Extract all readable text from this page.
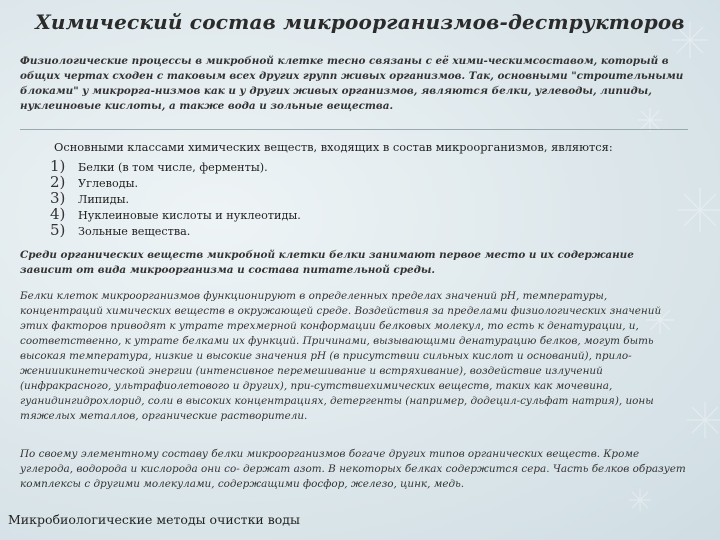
Химический состав микроорганизмов-деструкторов
Физиологические процессы в микробной клетке тесно связаны с её хими-ческимсоставом, который в общих чертах сходен с таковым всех других групп живых организмов. Так, основными "строительными блоками" у микрорга-низмов как и у других живых организмов, являются белки, углеводы, липиды, нуклеиновые кислоты, а также вода и зольные вещества.
Основными классами химических веществ, входящих в состав микроорганизмов, являются:
1)	Белки (в том числе, ферменты).
2)	Углеводы.
3)	Липиды.
4)	Нуклеиновые кислоты и нуклеотиды.
5)	Зольные вещества.
Среди органических веществ микробной клетки белки занимают первое место и их содержание зависит от вида микроорганизма и состава питательной среды.
Белки клеток микроорганизмов функционируют в определенных пределах значений рН, температуры, концентраций химических веществ в окружающей среде. Воздействия за пределами физиологических значений этих факторов приводят к утрате трехмерной конформации белковых молекул, то есть к денатурации, и, соответственно, к утрате белками их функций. Причинами, вызывающими денатурацию белков, могут быть высокая температура, низкие и высокие значения рН (в присутствии сильных кислот и оснований), прило-женииикинетической энергии (интенсивное перемешивание и встряхивание), воздействие излучений (инфракрасного, ультрафиолетового и других), при-сутствиехимических веществ, таких как мочевина, гуанидингидрохлорид, соли в высоких концентрациях, детергенты (например, додецил-сульфат натрия), ионы тяжелых металлов, органические растворители.
По своему элементному составу белки микроорганизмов богаче других типов органических веществ. Кроме углерода, водорода и кислорода они со- держат азот. В некоторых белках содержится сера. Часть белков образует комплексы с другими молекулами, содержащими фосфор, железо, цинк, медь.
Микробиологические методы очистки воды
